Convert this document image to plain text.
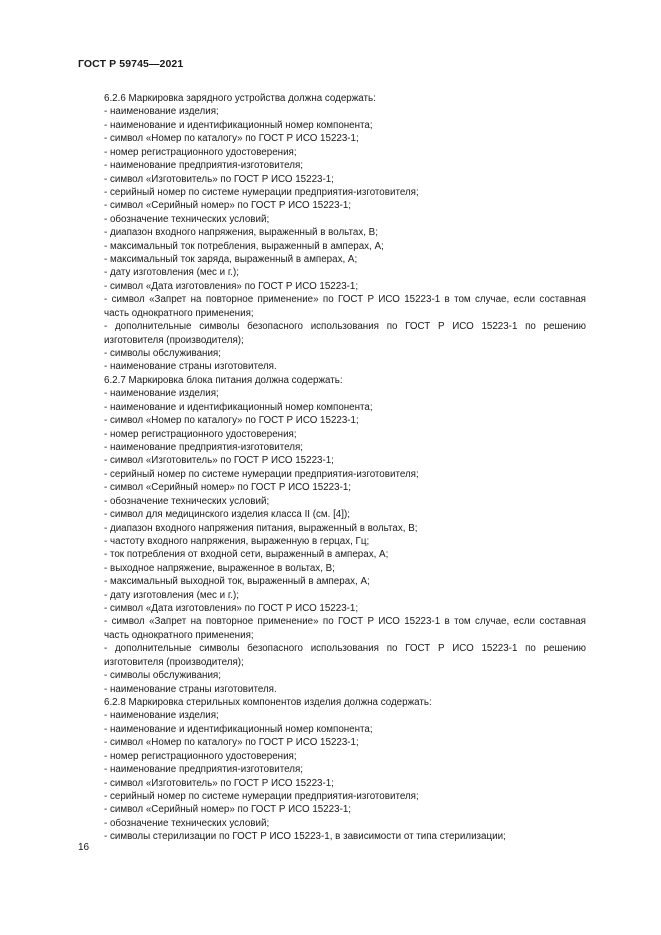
ГОСТ Р 59745—2021
6.2.6 Маркировка зарядного устройства должна содержать:
- наименование изделия;
- наименование и идентификационный номер компонента;
- символ «Номер по каталогу» по ГОСТ Р ИСО 15223-1;
- номер регистрационного удостоверения;
- наименование предприятия-изготовителя;
- символ «Изготовитель» по ГОСТ Р ИСО 15223-1;
- серийный номер по системе нумерации предприятия-изготовителя;
- символ «Серийный номер» по ГОСТ Р ИСО 15223-1;
- обозначение технических условий;
- диапазон входного напряжения, выраженный в вольтах, В;
- максимальный ток потребления, выраженный в амперах, А;
- максимальный ток заряда, выраженный в амперах, А;
- дату изготовления (мес и г.);
- символ «Дата изготовления» по ГОСТ Р ИСО 15223-1;
- символ «Запрет на повторное применение» по ГОСТ Р ИСО 15223-1 в том случае, если составная часть однократного применения;
- дополнительные символы безопасного использования по ГОСТ Р ИСО 15223-1 по решению изготовителя (производителя);
- символы обслуживания;
- наименование страны изготовителя.
6.2.7 Маркировка блока питания должна содержать:
- наименование изделия;
- наименование и идентификационный номер компонента;
- символ «Номер по каталогу» по ГОСТ Р ИСО 15223-1;
- номер регистрационного удостоверения;
- наименование предприятия-изготовителя;
- символ «Изготовитель» по ГОСТ Р ИСО 15223-1;
- серийный номер по системе нумерации предприятия-изготовителя;
- символ «Серийный номер» по ГОСТ Р ИСО 15223-1;
- обозначение технических условий;
- символ для медицинского изделия класса II (см. [4]);
- диапазон входного напряжения питания, выраженный в вольтах, В;
- частоту входного напряжения, выраженную в герцах, Гц;
- ток потребления от входной сети, выраженный в амперах, А;
- выходное напряжение, выраженное в вольтах, В;
- максимальный выходной ток, выраженный в амперах, А;
- дату изготовления (мес и г.);
- символ «Дата изготовления» по ГОСТ Р ИСО 15223-1;
- символ «Запрет на повторное применение» по ГОСТ Р ИСО 15223-1 в том случае, если составная часть однократного применения;
- дополнительные символы безопасного использования по ГОСТ Р ИСО 15223-1 по решению изготовителя (производителя);
- символы обслуживания;
- наименование страны изготовителя.
6.2.8 Маркировка стерильных компонентов изделия должна содержать:
- наименование изделия;
- наименование и идентификационный номер компонента;
- символ «Номер по каталогу» по ГОСТ Р ИСО 15223-1;
- номер регистрационного удостоверения;
- наименование предприятия-изготовителя;
- символ «Изготовитель» по ГОСТ Р ИСО 15223-1;
- серийный номер по системе нумерации предприятия-изготовителя;
- символ «Серийный номер» по ГОСТ Р ИСО 15223-1;
- обозначение технических условий;
- символы стерилизации по ГОСТ Р ИСО 15223-1, в зависимости от типа стерилизации;
16
